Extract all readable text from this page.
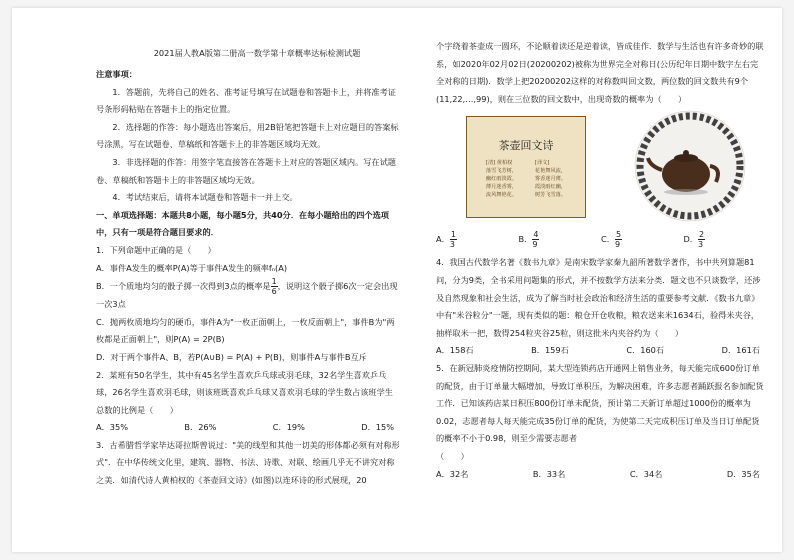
2021届人教A版第二册高一数学第十章概率达标检测试题

注意事项：

1．答题前，先将自己的姓名、准考证号填写在试题卷和答题卡上，并将准考证号条形码粘贴在答题卡上的指定位置。

2．选择题的作答：每小题选出答案后，用2B铅笔把答题卡上对应题目的答案标号涂黑，写在试题卷、草稿纸和答题卡上的非答题区域均无效。

3．非选择题的作答：用签字笔直接答在答题卡上对应的答题区域内。写在试题卷、草稿纸和答题卡上的非答题区域均无效。

4．考试结束后，请将本试题卷和答题卡一并上交。

一、单项选择题：本题共8小题，每小题5分，共40分．在每小题给出的四个选项中，只有一项是符合题目要求的．

1．下列命题中正确的是（　　）

A．事件A发生的概率P(A)等于事件A发生的频率fₙ(A)

B．一个质地均匀的骰子掷一次得到3点的概率是 $\frac{1}{6}$ ，说明这个骰子掷6次一定会出现一次3点

C．抛两枚质地均匀的硬币，事件A为"一枚正面朝上，一枚反面朝上"，事件B为"两枚都是正面朝上"，则P(A) = 2P(B)

D．对于两个事件A、B，若P(A∪B) = P(A) + P(B)，则事件A与事件B互斥

2．某班有50名学生，其中有45名学生喜欢乒乓球或羽毛球，32名学生喜欢乒乓球，26名学生喜欢羽毛球，则该班既喜欢乒乓球又喜欢羽毛球的学生数占该班学生总数的比例是（　　）

A．35%	B．26%	C．19%	D．15%

3．古希腊哲学家毕达哥拉斯曾说过："美的线型和其他一切美的形体都必须有对称形式"．在中华传统文化里，建筑、器物、书法、诗歌、对联、绘画几乎无不讲究对称之美．如清代诗人黄柏权的《茶壶回文诗》(如图)以连环诗的形式展现，20

个字绕着茶壶成一圆环，不论顺着读还是逆着读，皆成佳作．数学与生活也有许多奇妙的联系，如2020年02月02日(20200202)被称为世界完全对称日(公历纪年日期中数字左右完全对称的日期)．数学上把20200202这样的对称数叫回文数，两位数的回文数共有9个(11,22,…,99)，则在三位数的回文数中，出现奇数的概率为（　　）

茶壶回文诗
[清] 黄柏权
落雪飞芳树，
幽红雨淡霞。
薄月迷香雾，
流风舞艳花。
[译文]
花艳舞风流，
雾香迷月薄。
霞淡雨红幽，
树芳飞雪落。
A． $\frac{1}{3}$	B． $\frac{4}{9}$	C． $\frac{5}{9}$	D． $\frac{2}{3}$

4．我国古代数学名著《数书九章》是南宋数学家秦九韶所著数学著作，书中共列算题81问，分为9类，全书采用问题集的形式，并不按数学方法来分类．题文也不只谈数学，还涉及自然现象和社会生活，成为了解当时社会政治和经济生活的重要参考文献．《数书九章》中有"米谷粒分"一题，现有类似的题：粮仓开仓收粮，粮农送来米1634石，验得米夹谷，抽样取米一把，数得254粒夹谷25粒，则这批米内夹谷约为（　　）

A．158石	B．159石	C．160石	D．161石

5．在新冠肺炎疫情防控期间，某大型连锁药店开通网上销售业务，每天能完成600份订单的配货，由于订单量大幅增加，导致订单积压，为解决困难，许多志愿者踊跃报名参加配货工作．已知该药店某日积压800份订单未配货，预计第二天新订单超过1000份的概率为0.02，志愿者每人每天能完成35份订单的配货，为使第二天完成积压订单及当日订单配货的概率不小于0.98，则至少需要志愿者

（　　）

A．32名	B．33名	C．34名	D．35名
